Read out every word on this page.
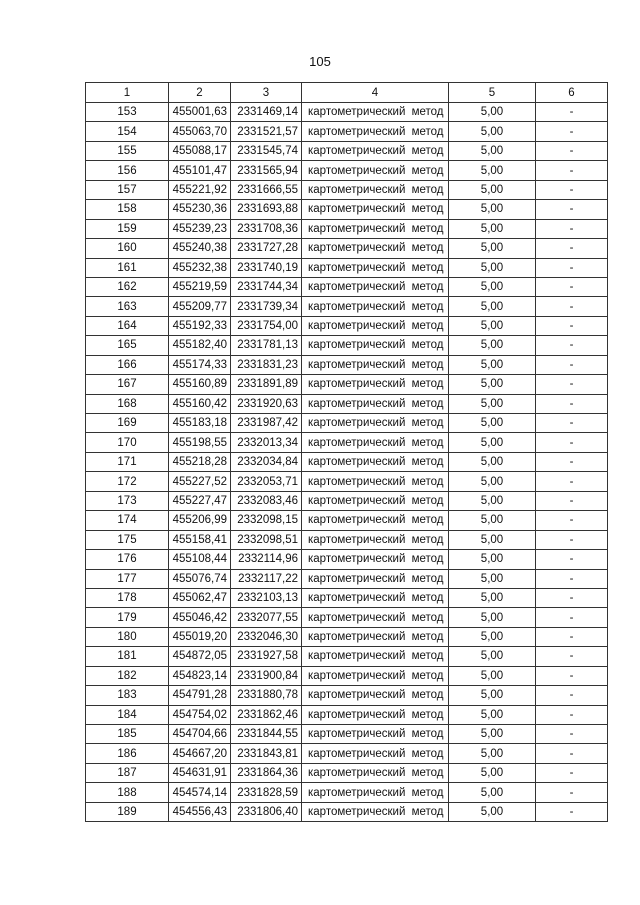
105
1	2	3	4	5	6
153	455001,63	2331469,14	картометрический метод	5,00	-
154	455063,70	2331521,57	картометрический метод	5,00	-
155	455088,17	2331545,74	картометрический метод	5,00	-
156	455101,47	2331565,94	картометрический метод	5,00	-
157	455221,92	2331666,55	картометрический метод	5,00	-
158	455230,36	2331693,88	картометрический метод	5,00	-
159	455239,23	2331708,36	картометрический метод	5,00	-
160	455240,38	2331727,28	картометрический метод	5,00	-
161	455232,38	2331740,19	картометрический метод	5,00	-
162	455219,59	2331744,34	картометрический метод	5,00	-
163	455209,77	2331739,34	картометрический метод	5,00	-
164	455192,33	2331754,00	картометрический метод	5,00	-
165	455182,40	2331781,13	картометрический метод	5,00	-
166	455174,33	2331831,23	картометрический метод	5,00	-
167	455160,89	2331891,89	картометрический метод	5,00	-
168	455160,42	2331920,63	картометрический метод	5,00	-
169	455183,18	2331987,42	картометрический метод	5,00	-
170	455198,55	2332013,34	картометрический метод	5,00	-
171	455218,28	2332034,84	картометрический метод	5,00	-
172	455227,52	2332053,71	картометрический метод	5,00	-
173	455227,47	2332083,46	картометрический метод	5,00	-
174	455206,99	2332098,15	картометрический метод	5,00	-
175	455158,41	2332098,51	картометрический метод	5,00	-
176	455108,44	2332114,96	картометрический метод	5,00	-
177	455076,74	2332117,22	картометрический метод	5,00	-
178	455062,47	2332103,13	картометрический метод	5,00	-
179	455046,42	2332077,55	картометрический метод	5,00	-
180	455019,20	2332046,30	картометрический метод	5,00	-
181	454872,05	2331927,58	картометрический метод	5,00	-
182	454823,14	2331900,84	картометрический метод	5,00	-
183	454791,28	2331880,78	картометрический метод	5,00	-
184	454754,02	2331862,46	картометрический метод	5,00	-
185	454704,66	2331844,55	картометрический метод	5,00	-
186	454667,20	2331843,81	картометрический метод	5,00	-
187	454631,91	2331864,36	картометрический метод	5,00	-
188	454574,14	2331828,59	картометрический метод	5,00	-
189	454556,43	2331806,40	картометрический метод	5,00	-
